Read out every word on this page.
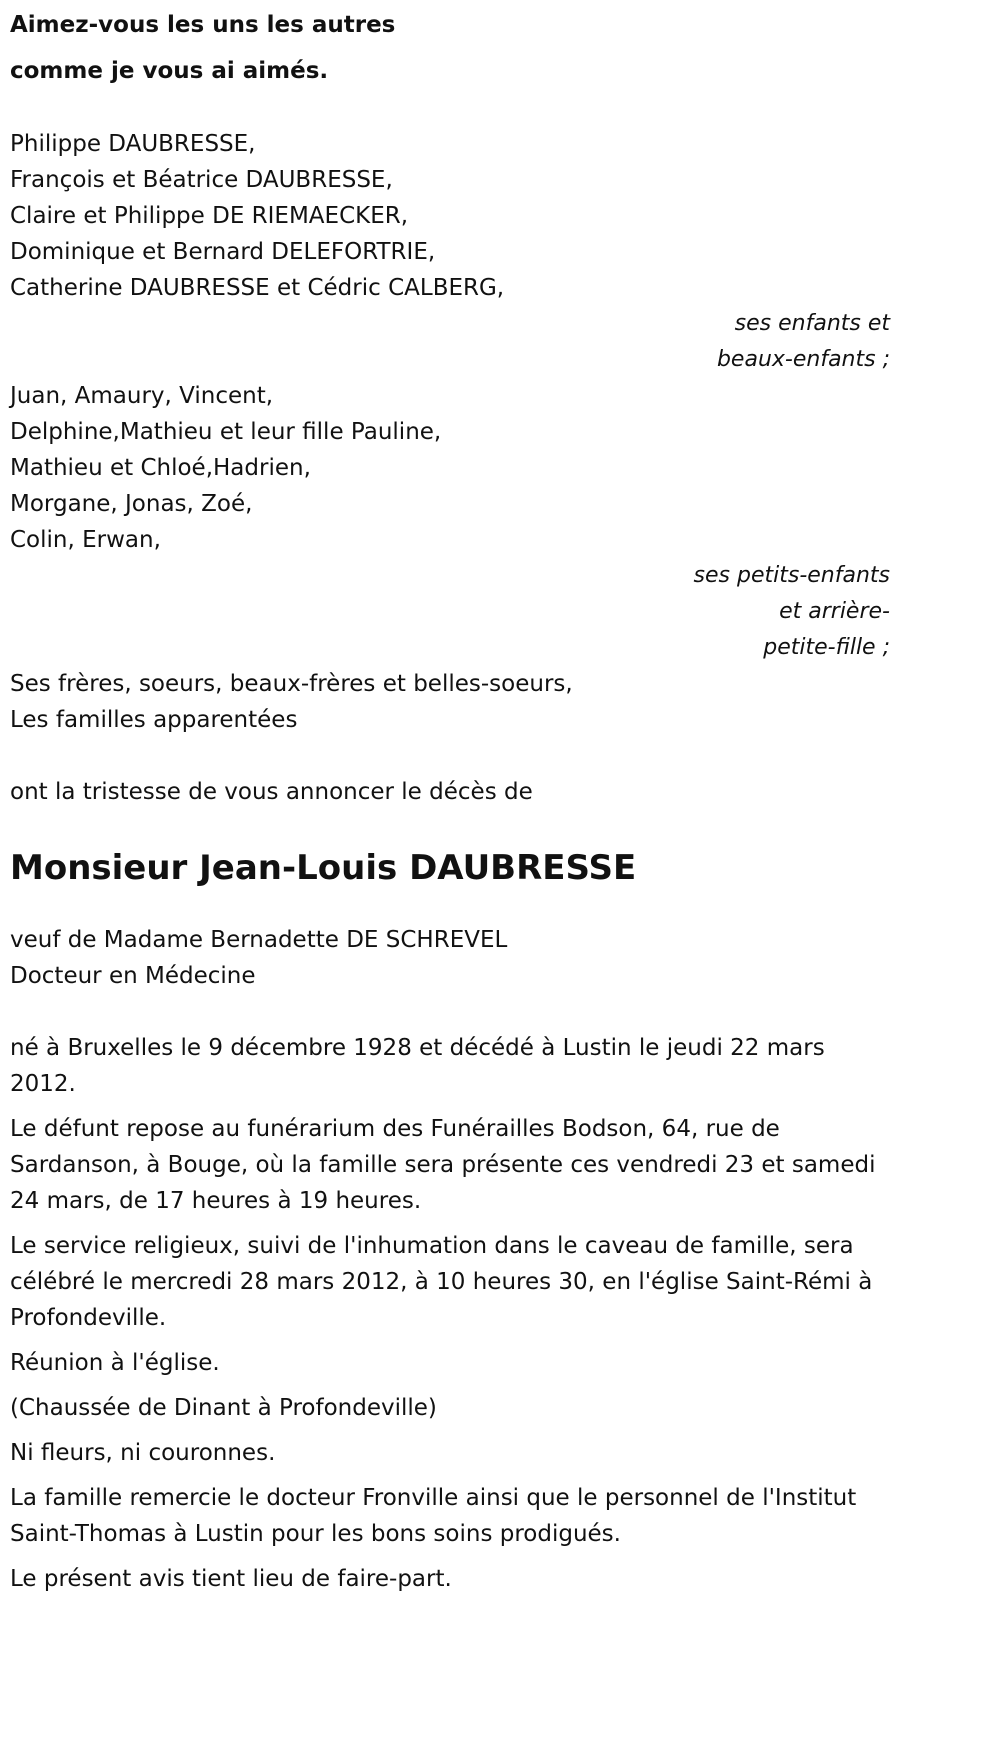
Aimez-vous les uns les autres

comme je vous ai aimés.

Philippe DAUBRESSE,

François et Béatrice DAUBRESSE,

Claire et Philippe DE RIEMAECKER,

Dominique et Bernard DELEFORTRIE,

Catherine DAUBRESSE et Cédric CALBERG,

ses enfants et

beaux-enfants ;

Juan, Amaury, Vincent,

Delphine,Mathieu et leur fille Pauline,

Mathieu et Chloé,Hadrien,

Morgane, Jonas, Zoé,

Colin, Erwan,

ses petits-enfants

et arrière-

petite-fille ;

Ses frères, soeurs, beaux-frères et belles-soeurs,

Les familles apparentées

ont la tristesse de vous annoncer le décès de

Monsieur Jean-Louis DAUBRESSE

veuf de Madame Bernadette DE SCHREVEL

Docteur en Médecine

né à Bruxelles le 9 décembre 1928 et décédé à Lustin le jeudi 22 mars 2012.

Le défunt repose au funérarium des Funérailles Bodson, 64, rue de Sardanson, à Bouge, où la famille sera présente ces vendredi 23 et samedi 24 mars, de 17 heures à 19 heures.

Le service religieux, suivi de l'inhumation dans le caveau de famille, sera célébré le mercredi 28 mars 2012, à 10 heures 30, en l'église Saint-Rémi à Profondeville.

Réunion à l'église.

(Chaussée de Dinant à Profondeville)

Ni fleurs, ni couronnes.

La famille remercie le docteur Fronville ainsi que le personnel de l'Institut Saint-Thomas à Lustin pour les bons soins prodigués.

Le présent avis tient lieu de faire-part.
